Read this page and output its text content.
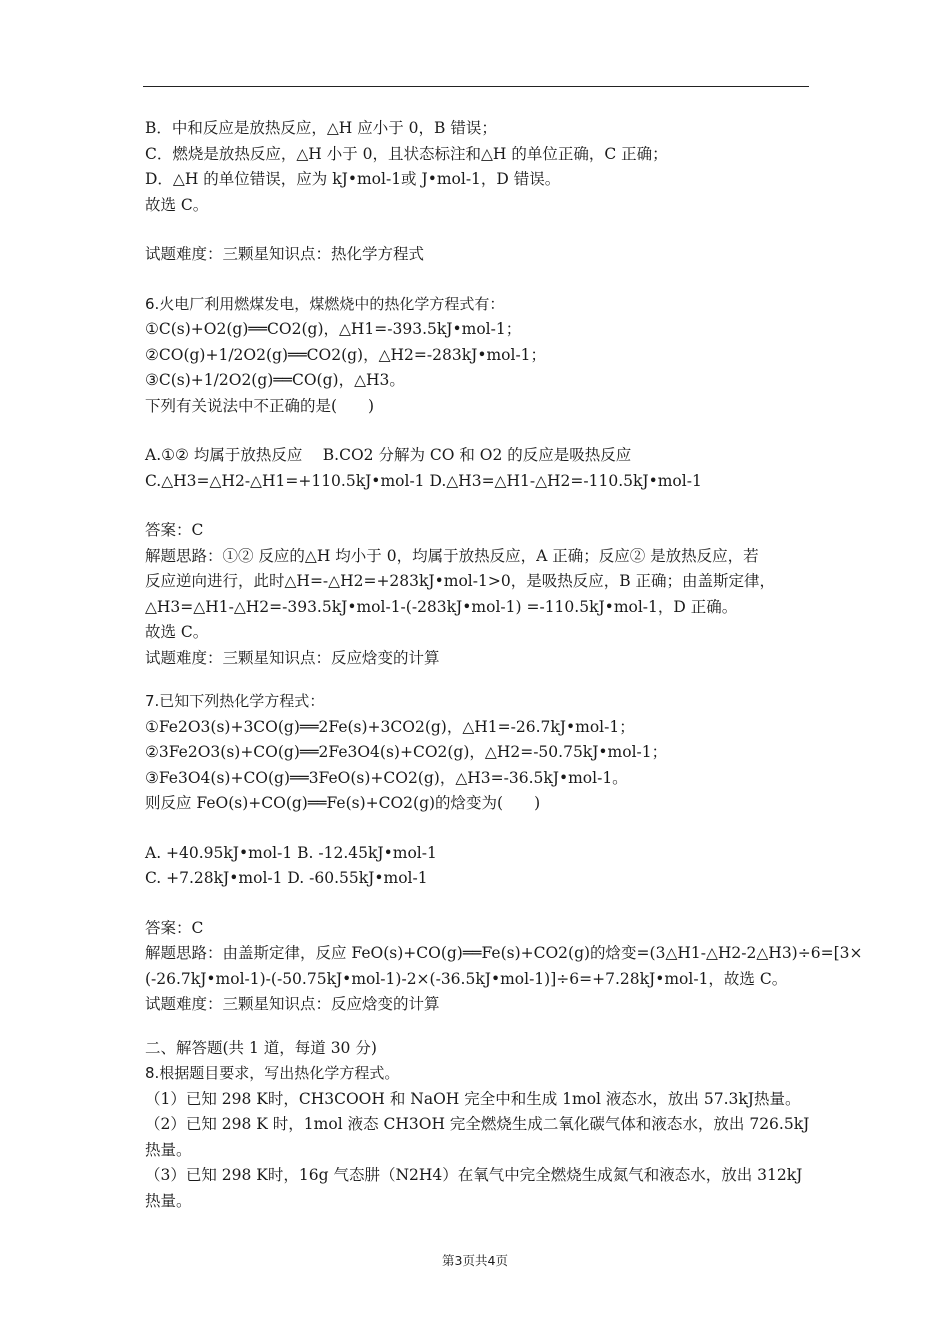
B．中和反应是放热反应，△H 应小于 0，B 错误；
C．燃烧是放热反应，△H 小于 0，且状态标注和△H 的单位正确，C 正确；
D．△H 的单位错误，应为 kJ•mol-1或 J•mol-1，D 错误。
故选 C。
试题难度：三颗星知识点：热化学方程式
6.火电厂利用燃煤发电，煤燃烧中的热化学方程式有：
①C(s)+O2(g)══CO2(g)，△H1=-393.5kJ•mol-1；
②CO(g)+1/2O2(g)══CO2(g)，△H2=-283kJ•mol-1；
③C(s)+1/2O2(g)══CO(g)，△H3。
下列有关说法中不正确的是(　　)
A.①② 均属于放热反应　 B.CO2 分解为 CO 和 O2 的反应是吸热反应
C.△H3=△H2-△H1=+110.5kJ•mol-1 D.△H3=△H1-△H2=-110.5kJ•mol-1
答案：C
解题思路：①② 反应的△H 均小于 0，均属于放热反应，A 正确；反应② 是放热反应，若
反应逆向进行，此时△H=-△H2=+283kJ•mol-1>0，是吸热反应，B 正确；由盖斯定律，
△H3=△H1-△H2=-393.5kJ•mol-1-(-283kJ•mol-1) =-110.5kJ•mol-1，D 正确。
故选 C。
试题难度：三颗星知识点：反应焓变的计算
7.已知下列热化学方程式：
①Fe2O3(s)+3CO(g)══2Fe(s)+3CO2(g)，△H1=-26.7kJ•mol-1；
②3Fe2O3(s)+CO(g)══2Fe3O4(s)+CO2(g)，△H2=-50.75kJ•mol-1；
③Fe3O4(s)+CO(g)══3FeO(s)+CO2(g)，△H3=-36.5kJ•mol-1。
则反应 FeO(s)+CO(g)══Fe(s)+CO2(g)的焓变为(　　)
A. +40.95kJ•mol-1 B. -12.45kJ•mol-1
C. +7.28kJ•mol-1 D. -60.55kJ•mol-1
答案：C
解题思路：由盖斯定律，反应 FeO(s)+CO(g)══Fe(s)+CO2(g)的焓变=(3△H1-△H2-2△H3)÷6=[3×
(-26.7kJ•mol-1)-(-50.75kJ•mol-1)-2×(-36.5kJ•mol-1)]÷6=+7.28kJ•mol-1，故选 C。
试题难度：三颗星知识点：反应焓变的计算
二、解答题(共 1 道，每道 30 分)
8.根据题目要求，写出热化学方程式。
（1）已知 298 K时，CH3COOH 和 NaOH 完全中和生成 1mol 液态水，放出 57.3kJ热量。
（2）已知 298 K 时，1mol 液态 CH3OH 完全燃烧生成二氧化碳气体和液态水，放出 726.5kJ
热量。
（3）已知 298 K时，16g 气态肼（N2H4）在氧气中完全燃烧生成氮气和液态水，放出 312kJ
热量。
第3页共4页
